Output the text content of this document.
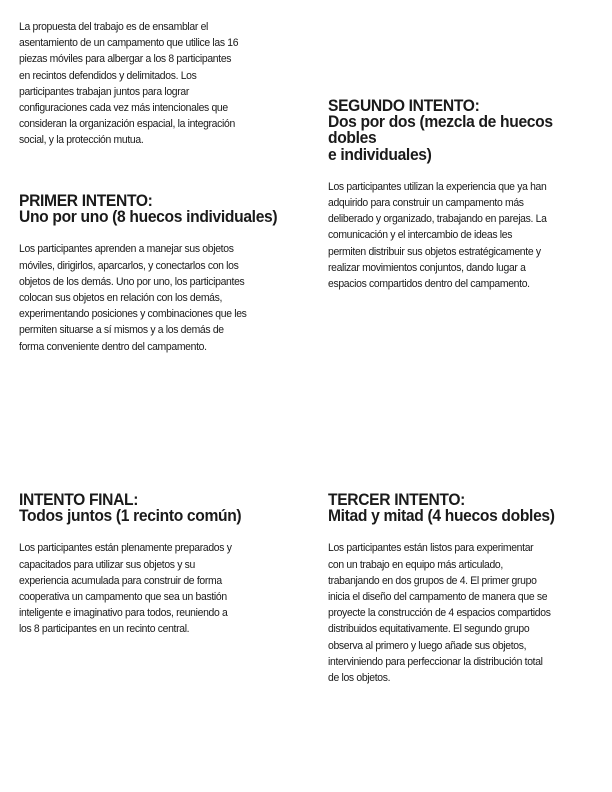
La propuesta del trabajo es de ensamblar el
asentamiento de un campamento que utilice las 16
piezas móviles para albergar a los 8 participantes
en recintos defendidos y delimitados. Los
participantes trabajan juntos para lograr
configuraciones cada vez más intencionales que
consideran la organización espacial, la integración
social, y la protección mutua.

PRIMER INTENTO:
Uno por uno (8 huecos individuales)

Los participantes aprenden a manejar sus objetos
móviles, dirigirlos, aparcarlos, y conectarlos con los
objetos de los demás. Uno por uno, los participantes
colocan sus objetos en relación con los demás,
experimentando posiciones y combinaciones que les
permiten situarse a sí mismos y a los demás de
forma conveniente dentro del campamento.

SEGUNDO INTENTO:
Dos por dos (mezcla de huecos dobles
e individuales)

Los participantes utilizan la experiencia que ya han
adquirido para construir un campamento más
deliberado y organizado, trabajando en parejas. La
comunicación y el intercambio de ideas les
permiten distribuir sus objetos estratégicamente y
realizar movimientos conjuntos, dando lugar a
espacios compartidos dentro del campamento.

INTENTO FINAL:
Todos juntos (1 recinto común)

Los participantes están plenamente preparados y
capacitados para utilizar sus objetos y su
experiencia acumulada para construir de forma
cooperativa un campamento que sea un bastión
inteligente e imaginativo para todos, reuniendo a
los 8 participantes en un recinto central.

TERCER INTENTO:
Mitad y mitad (4 huecos dobles)

Los participantes están listos para experimentar
con un trabajo en equipo más articulado,
trabanjando en dos grupos de 4. El primer grupo
inicia el diseño del campamento de manera que se
proyecte la construcción de 4 espacios compartidos
distribuidos equitativamente. El segundo grupo
observa al primero y luego añade sus objetos,
interviniendo para perfeccionar la distribución total
de los objetos.
